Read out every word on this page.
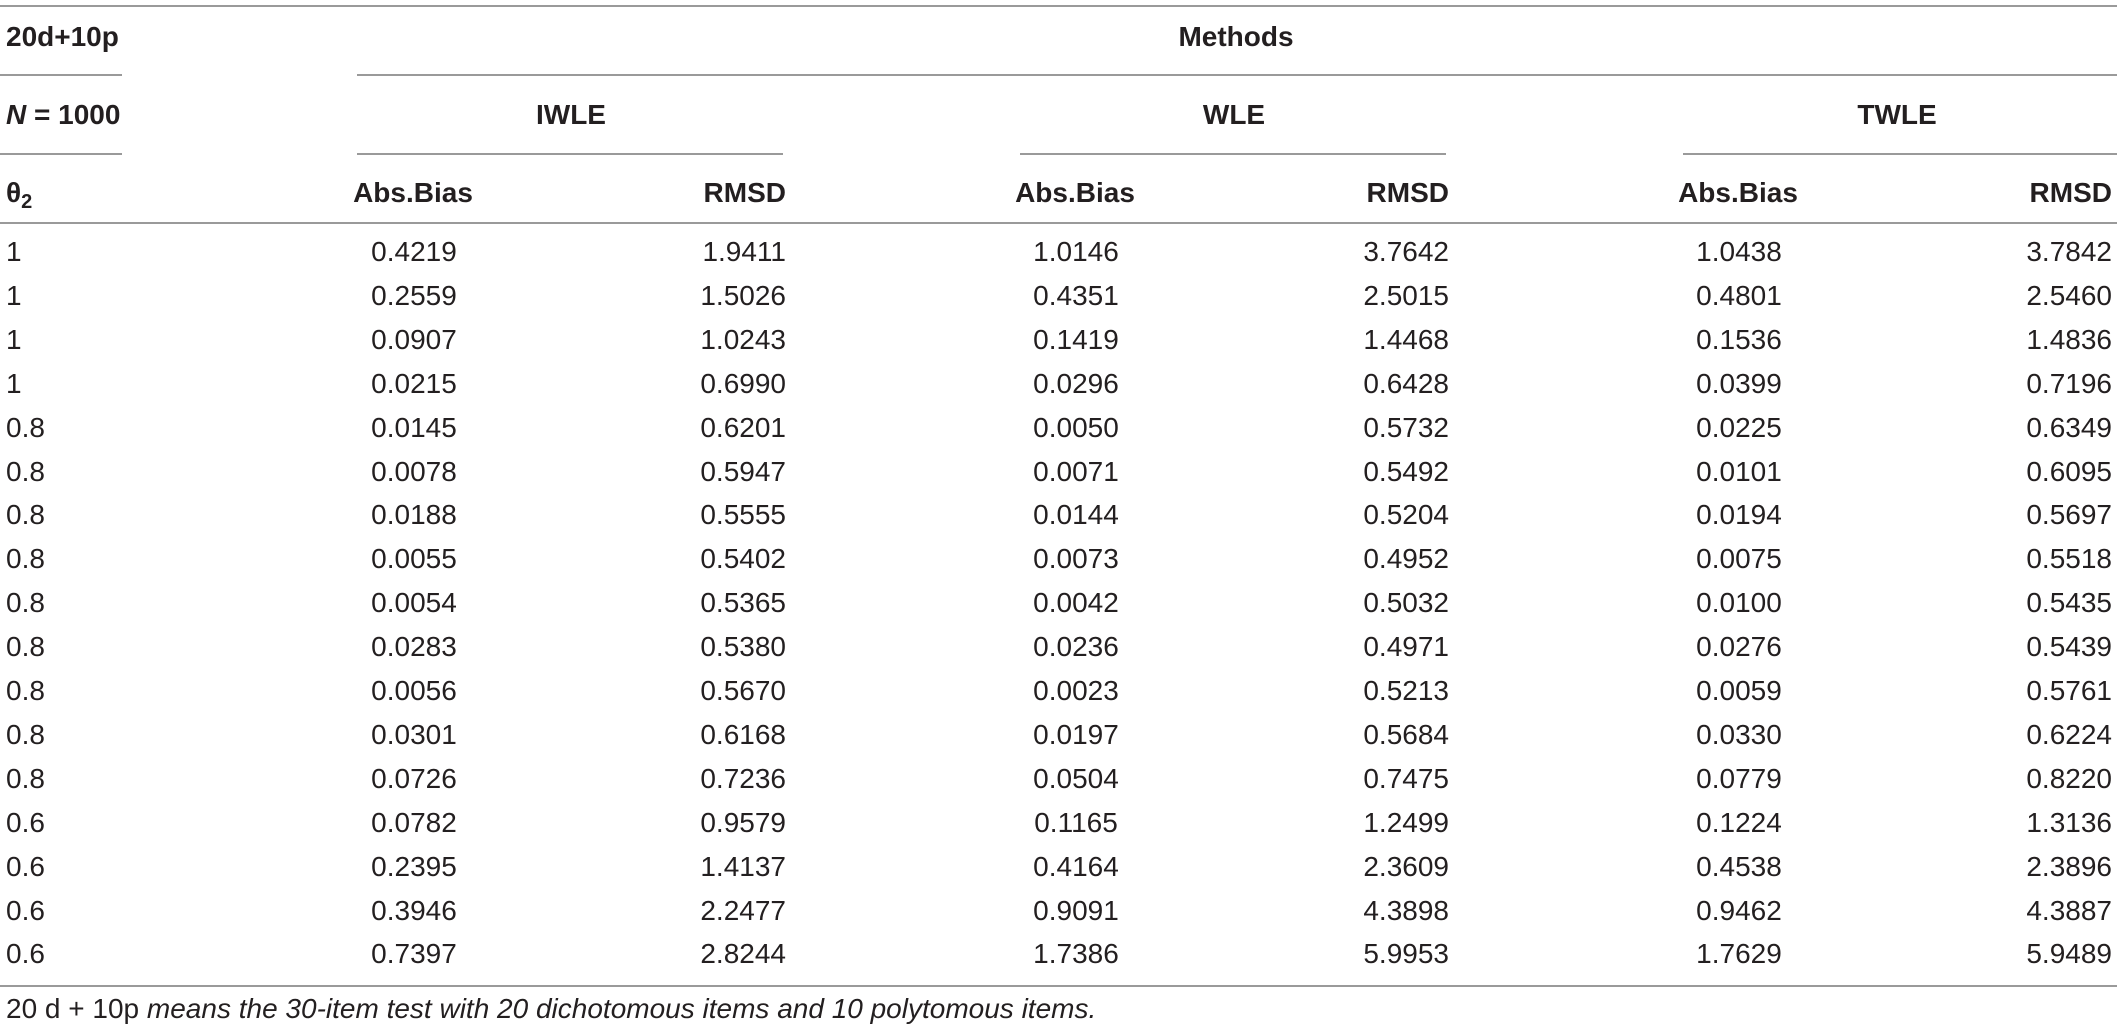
20d+10p	Methods
N = 1000	IWLE	WLE	TWLE
$\theta_2$	Abs.Bias	RMSD	Abs.Bias	RMSD	Abs.Bias	RMSD
1	0.4219	1.9411	1.0146	3.7642	1.0438	3.7842
1	0.2559	1.5026	0.4351	2.5015	0.4801	2.5460
1	0.0907	1.0243	0.1419	1.4468	0.1536	1.4836
1	0.0215	0.6990	0.0296	0.6428	0.0399	0.7196
0.8	0.0145	0.6201	0.0050	0.5732	0.0225	0.6349
0.8	0.0078	0.5947	0.0071	0.5492	0.0101	0.6095
0.8	0.0188	0.5555	0.0144	0.5204	0.0194	0.5697
0.8	0.0055	0.5402	0.0073	0.4952	0.0075	0.5518
0.8	0.0054	0.5365	0.0042	0.5032	0.0100	0.5435
0.8	0.0283	0.5380	0.0236	0.4971	0.0276	0.5439
0.8	0.0056	0.5670	0.0023	0.5213	0.0059	0.5761
0.8	0.0301	0.6168	0.0197	0.5684	0.0330	0.6224
0.8	0.0726	0.7236	0.0504	0.7475	0.0779	0.8220
0.6	0.0782	0.9579	0.1165	1.2499	0.1224	1.3136
0.6	0.2395	1.4137	0.4164	2.3609	0.4538	2.3896
0.6	0.3946	2.2477	0.9091	4.3898	0.9462	4.3887
0.6	0.7397	2.8244	1.7386	5.9953	1.7629	5.9489
20 d + 10p means the 30-item test with 20 dichotomous items and 10 polytomous items.
